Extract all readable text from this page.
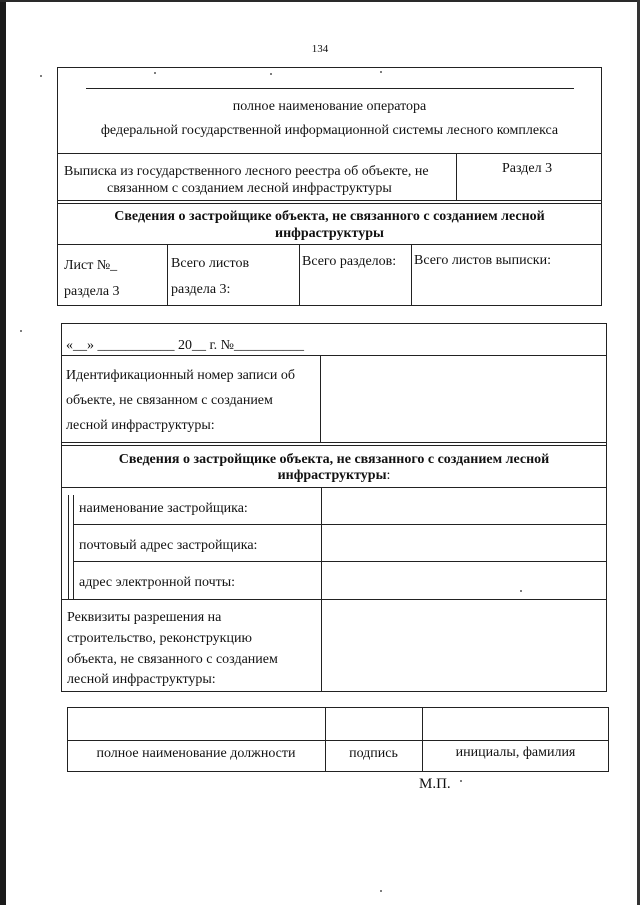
134
полное наименование оператора
федеральной государственной информационной системы лесного комплекса
Выписка из государственного лесного реестра об объекте, не
связанном с созданием лесной инфраструктуры
Раздел 3
Сведения о застройщике объекта, не связанного с созданием лесной
инфраструктуры
Лист №_
раздела 3
Всего листов
раздела 3:
Всего разделов: Всего листов выписки:
«__» ___________ 20__ г. №__________
Идентификационный номер записи об
объекте, не связанном с созданием
лесной инфраструктуры:
Сведения о застройщике объекта, не связанного с созданием лесной
инфраструктуры:
наименование застройщика:
почтовый адрес застройщика:
адрес электронной почты:
Реквизиты разрешения на
строительство, реконструкцию
объекта, не связанного с созданием
лесной инфраструктуры:
полное наименование должности	подпись	инициалы, фамилия
М.П.
